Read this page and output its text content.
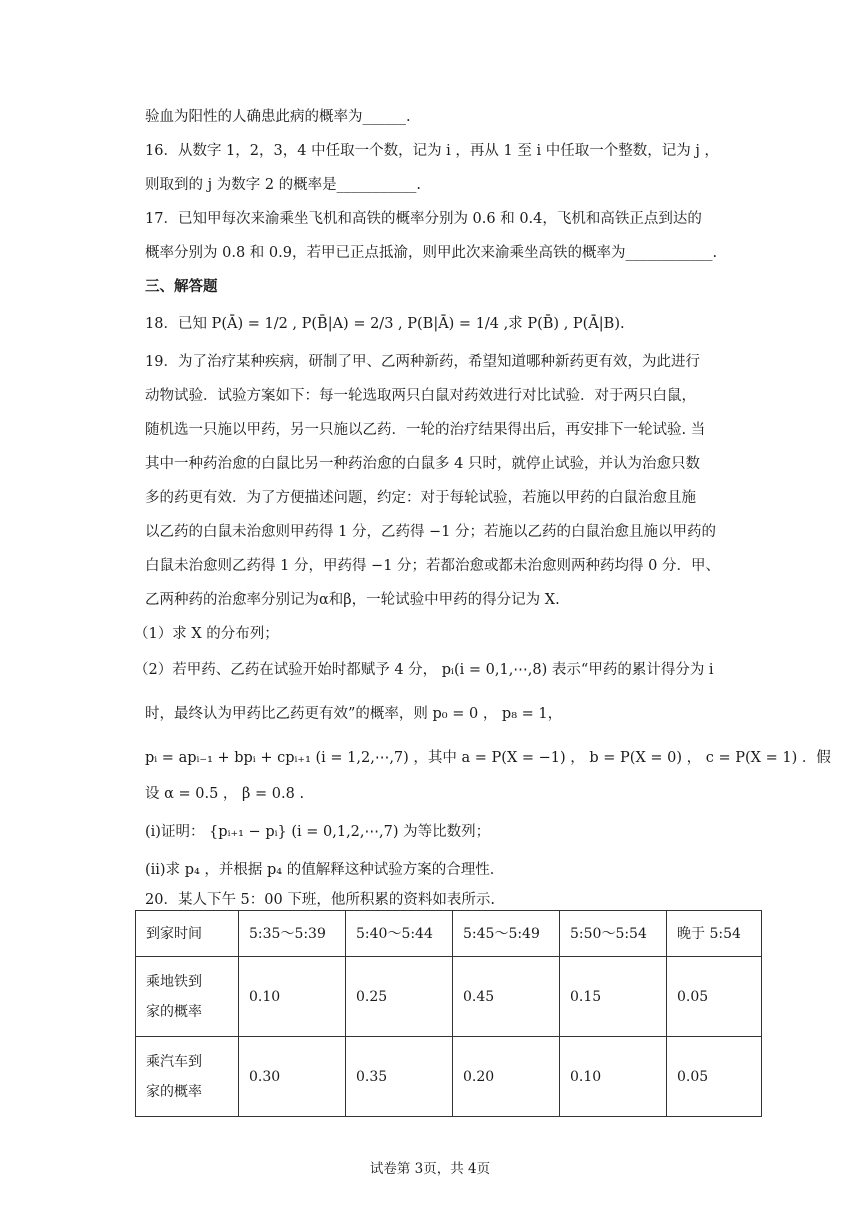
验血为阳性的人确患此病的概率为______.
16．从数字 1，2，3，4 中任取一个数，记为 i ，再从 1 至 i 中任取一个整数，记为 j ，
则取到的 j 为数字 2 的概率是___________.
17．已知甲每次来渝乘坐飞机和高铁的概率分别为 0.6 和 0.4，飞机和高铁正点到达的
概率分别为 0.8 和 0.9，若甲已正点抵渝，则甲此次来渝乘坐高铁的概率为____________.
三、解答题
18．已知 P(Ā) = 1/2 , P(B̄|A) = 2/3 , P(B|Ā) = 1/4 ,求 P(B̄) , P(Ā|B).
19．为了治疗某种疾病，研制了甲、乙两种新药，希望知道哪种新药更有效，为此进行
动物试验．试验方案如下：每一轮选取两只白鼠对药效进行对比试验．对于两只白鼠，
随机选一只施以甲药，另一只施以乙药．一轮的治疗结果得出后，再安排下一轮试验. 当
其中一种药治愈的白鼠比另一种药治愈的白鼠多 4 只时，就停止试验，并认为治愈只数
多的药更有效．为了方便描述问题，约定：对于每轮试验，若施以甲药的白鼠治愈且施
以乙药的白鼠未治愈则甲药得 1 分，乙药得 −1 分；若施以乙药的白鼠治愈且施以甲药的
白鼠未治愈则乙药得 1 分，甲药得 −1 分；若都治愈或都未治愈则两种药均得 0 分．甲、
乙两种药的治愈率分别记为α和β，一轮试验中甲药的得分记为 X.
（1）求 X 的分布列；
（2）若甲药、乙药在试验开始时都赋予 4 分， pᵢ(i = 0,1,⋯,8) 表示“甲药的累计得分为 i
时，最终认为甲药比乙药更有效”的概率，则 p₀ = 0 ， p₈ = 1，
pᵢ = apᵢ₋₁ + bpᵢ + cpᵢ₊₁ (i = 1,2,⋯,7) ，其中 a = P(X = −1) ， b = P(X = 0) ， c = P(X = 1) ．假
设 α = 0.5 ， β = 0.8 .
(i)证明： {pᵢ₊₁ − pᵢ} (i = 0,1,2,⋯,7) 为等比数列；
(ii)求 p₄ ，并根据 p₄ 的值解释这种试验方案的合理性．
20．某人下午 5：00 下班，他所积累的资料如表所示.
到家时间	5:35～5:39	5:40～5:44	5:45～5:49	5:50～5:54	晚于 5:54

乘地铁到
家的概率	0.10	0.25	0.45	0.15	0.05

乘汽车到
家的概率	0.30	0.35	0.20	0.10	0.05
试卷第 3页，共 4页
